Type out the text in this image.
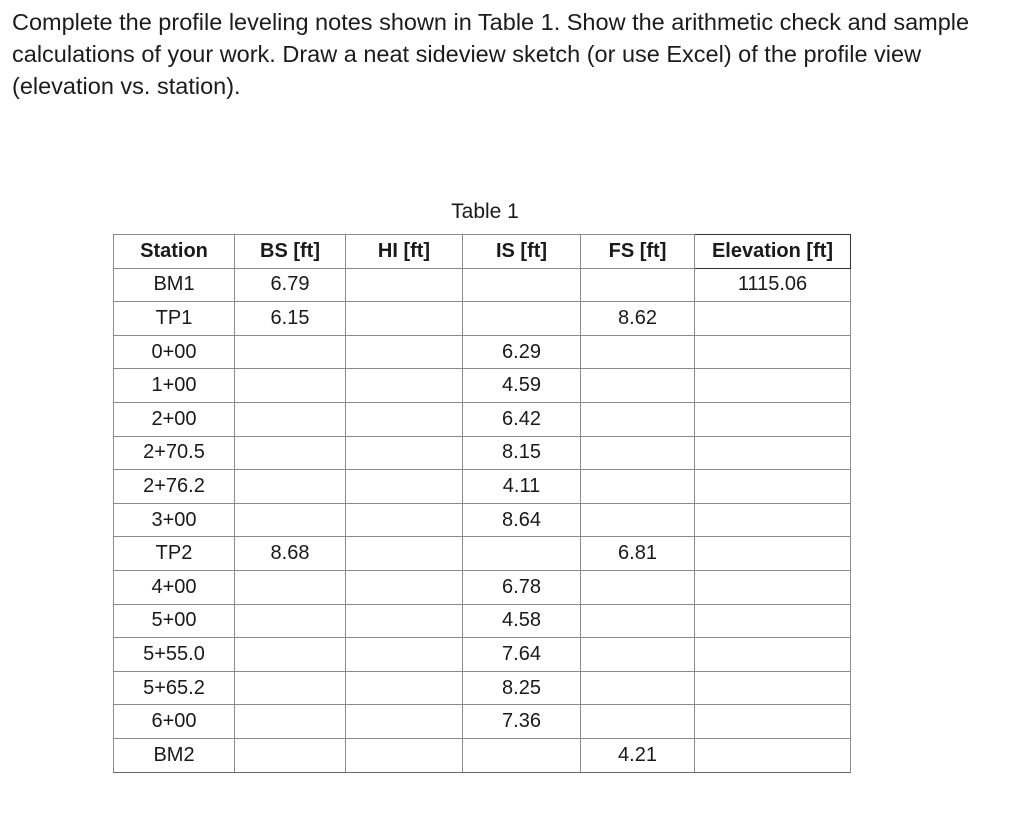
Complete the profile leveling notes shown in Table 1. Show the arithmetic check and sample calculations of your work. Draw a neat sideview sketch (or use Excel) of the profile view (elevation vs. station).

Table 1
Station	BS [ft]	HI [ft]	IS [ft]	FS [ft]	Elevation [ft]
BM1	6.79				1115.06
TP1	6.15			8.62	
0+00			6.29		
1+00			4.59		
2+00			6.42		
2+70.5			8.15		
2+76.2			4.11		
3+00			8.64		
TP2	8.68			6.81	
4+00			6.78		
5+00			4.58		
5+55.0			7.64		
5+65.2			8.25		
6+00			7.36		
BM2				4.21	
